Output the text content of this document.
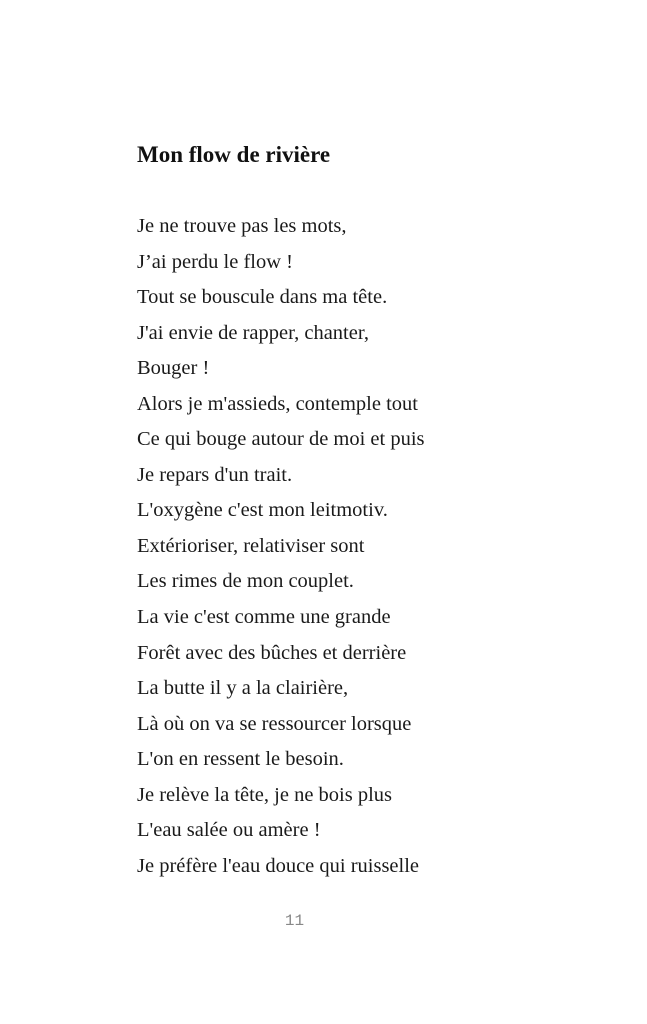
Mon flow de rivière
Je ne trouve pas les mots,
J’ai perdu le flow !
Tout se bouscule dans ma tête.
J'ai envie de rapper, chanter,
Bouger !
Alors je m'assieds, contemple tout
Ce qui bouge autour de moi et puis
Je repars d'un trait.
L'oxygène c'est mon leitmotiv.
Extérioriser, relativiser sont
Les rimes de mon couplet.
La vie c'est comme une grande
Forêt avec des bûches et derrière
La butte il y a la clairière,
Là où on va se ressourcer lorsque
L'on en ressent le besoin.
Je relève la tête, je ne bois plus
L'eau salée ou amère !
Je préfère l'eau douce qui ruisselle
11
